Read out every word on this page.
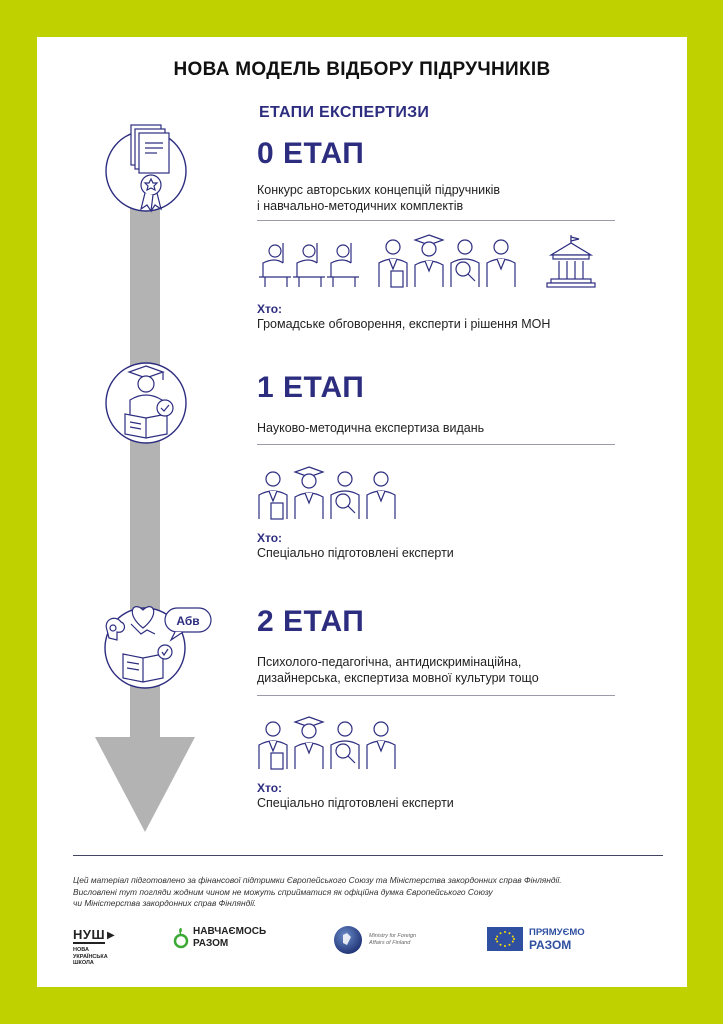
НОВА МОДЕЛЬ ВІДБОРУ ПІДРУЧНИКІВ
ЕТАПИ ЕКСПЕРТИЗИ
Абв
0 ЕТАП
Конкурс авторських концепцій підручників
і навчально-методичних комплектів
Хто:
Громадське обговорення, експерти і рішення МОН
1 ЕТАП
Науково-методична експертиза видань
Хто:
Спеціально підготовлені експерти
2 ЕТАП
Психолого-педагогічна, антидискримінаційна,
дизайнерська, експертиза мовної культури тощо
Хто:
Спеціально підготовлені експерти
Цей матеріал підготовлено за фінансової підтримки Європейського Союзу та Міністерства закордонних справ Фінляндії.
Висловлені тут погляди жодним чином не можуть сприйматися як офіційна думка Європейського Союзу
чи Міністерства закордонних справ Фінляндії.
НУШ ▶
НОВА
УКРАЇНСЬКА
ШКОЛА
НАВЧАЄМОСЬ
РАЗОМ
Ministry for Foreign
Affairs of Finland
ПРЯМУЄМО
РАЗОМ
